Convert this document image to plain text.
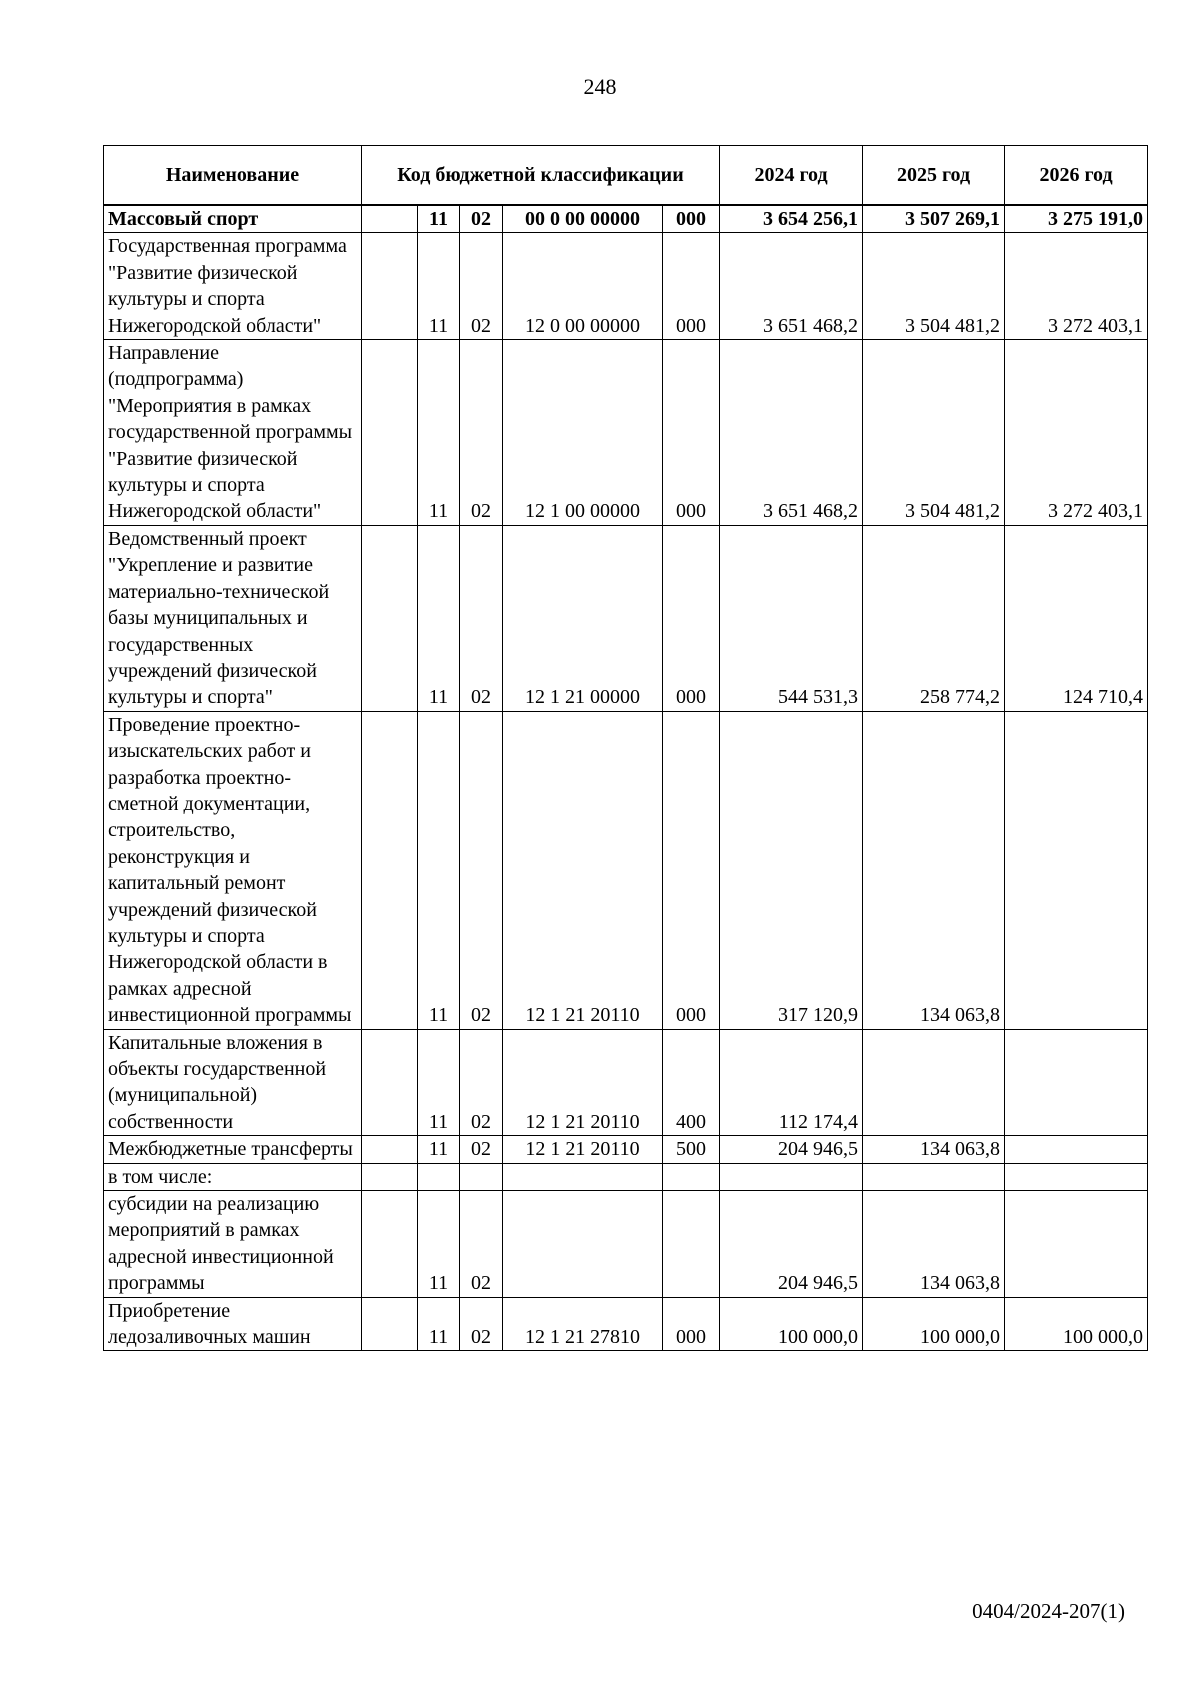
248
Наименование	Код бюджетной классификации					2024 год	2025 год	2026 год
Массовый спорт		11	02	00 0 00 00000	000	3 654 256,1	3 507 269,1	3 275 191,0
Государственная программа "Развитие физической культуры и спорта Нижегородской области"		11	02	12 0 00 00000	000	3 651 468,2	3 504 481,2	3 272 403,1
Направление (подпрограмма) "Мероприятия в рамках государственной программы "Развитие физической культуры и спорта Нижегородской области"		11	02	12 1 00 00000	000	3 651 468,2	3 504 481,2	3 272 403,1
Ведомственный проект "Укрепление и развитие материально-технической базы муниципальных и государственных учреждений физической культуры и спорта"		11	02	12 1 21 00000	000	544 531,3	258 774,2	124 710,4
Проведение проектно-изыскательских работ и разработка проектно-сметной документации, строительство, реконструкция и капитальный ремонт учреждений физической культуры и спорта Нижегородской области в рамках адресной инвестиционной программы		11	02	12 1 21 20110	000	317 120,9	134 063,8	
Капитальные вложения в объекты государственной (муниципальной) собственности		11	02	12 1 21 20110	400	112 174,4		
Межбюджетные трансферты		11	02	12 1 21 20110	500	204 946,5	134 063,8	
в том числе:								
субсидии на реализацию мероприятий в рамках адресной инвестиционной программы		11	02			204 946,5	134 063,8	
Приобретение ледозаливочных машин		11	02	12 1 21 27810	000	100 000,0	100 000,0	100 000,0
0404/2024-207(1)
